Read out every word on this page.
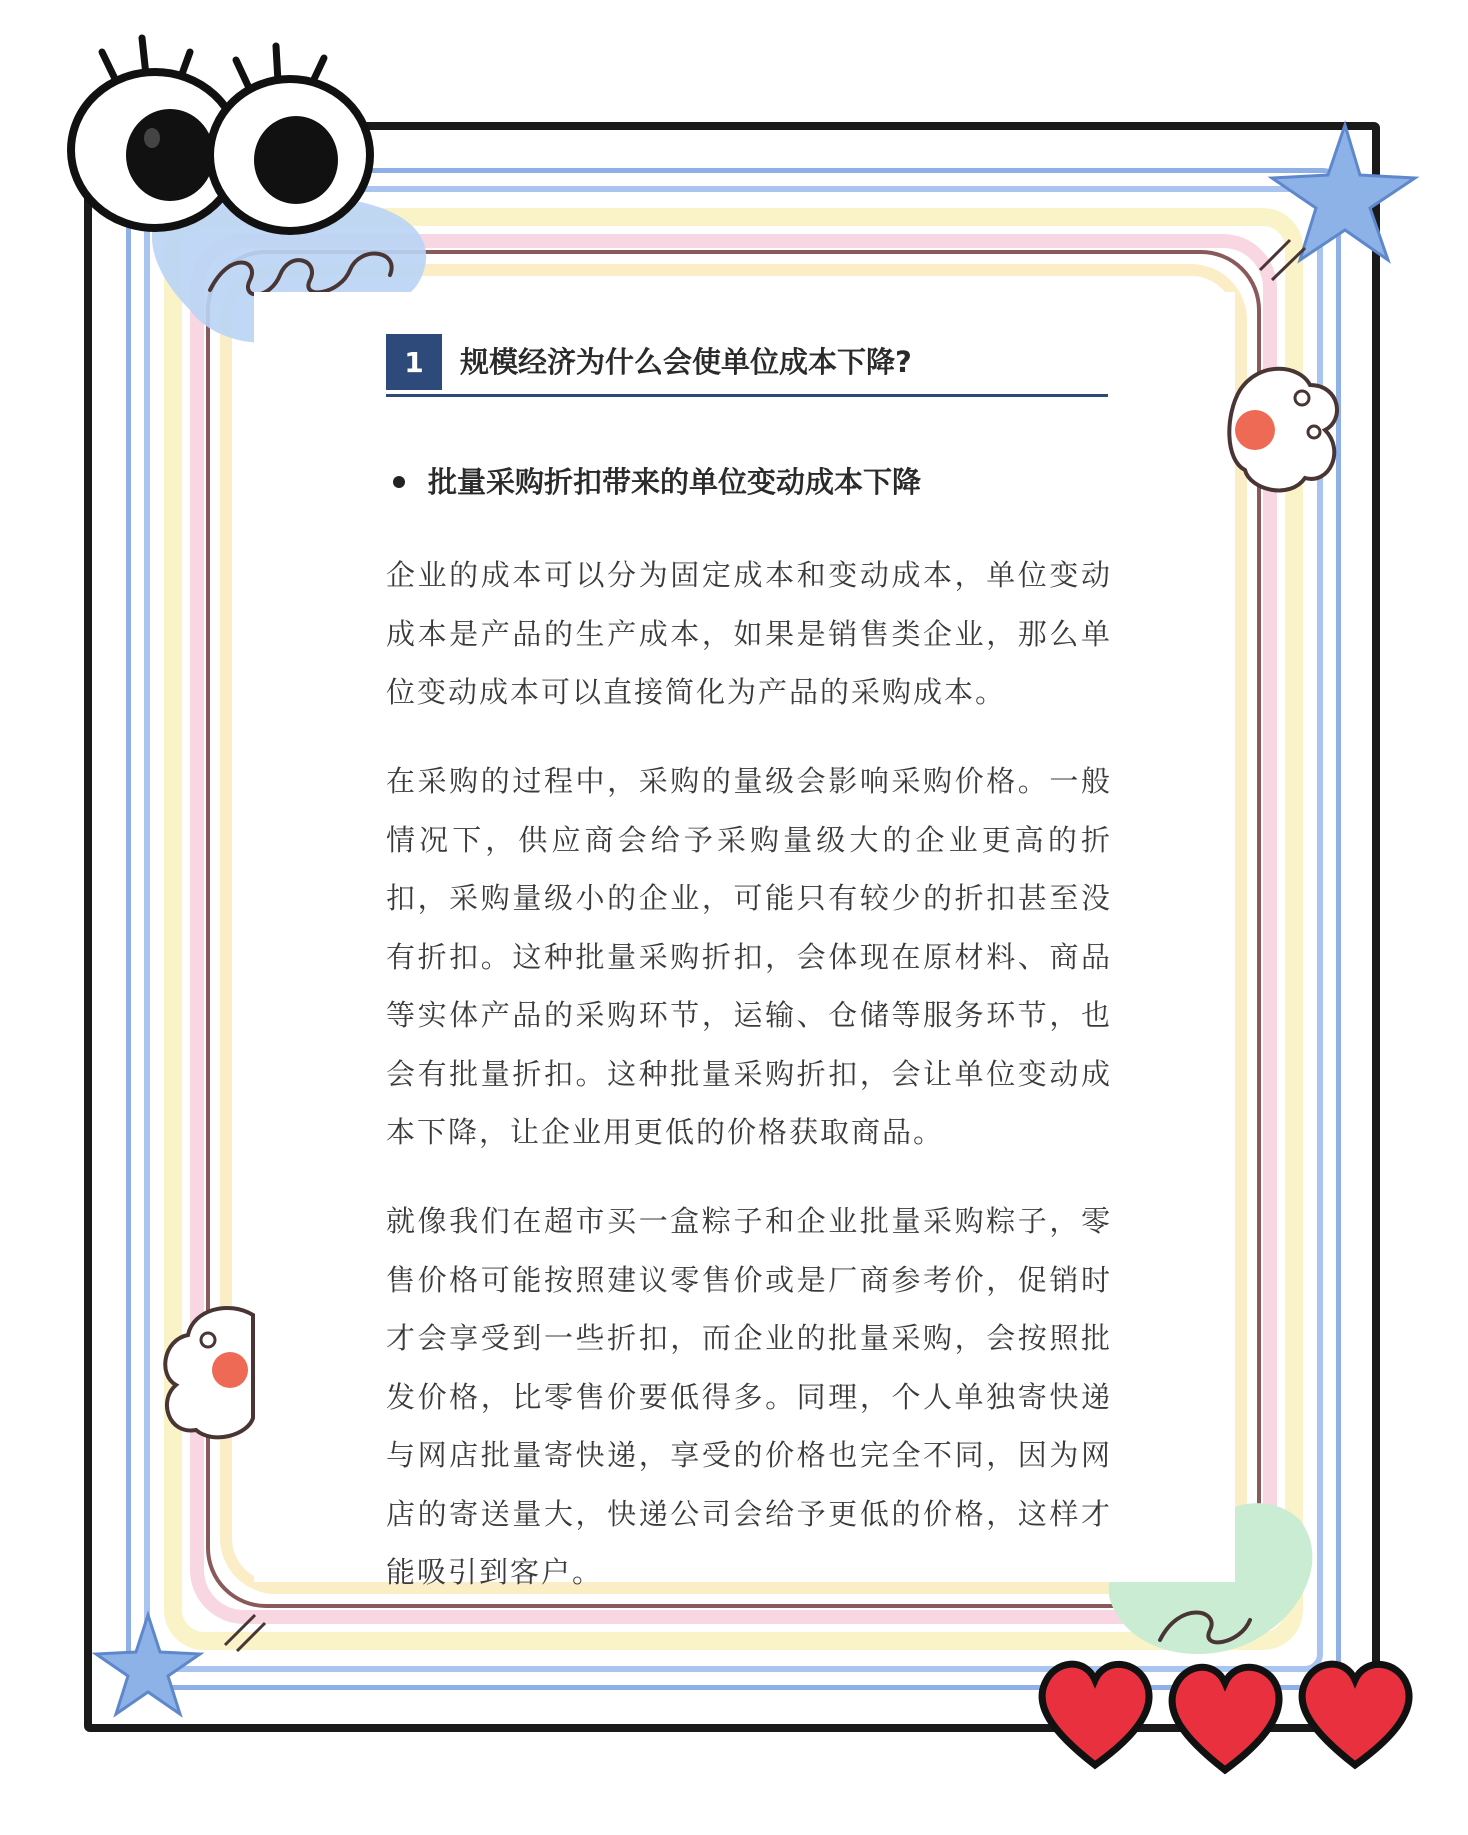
1	规模经济为什么会使单位成本下降?
批量采购折扣带来的单位变动成本下降
企业的成本可以分为固定成本和变动成本，单位变动成本是产品的生产成本，如果是销售类企业，那么单位变动成本可以直接简化为产品的采购成本。
在采购的过程中，采购的量级会影响采购价格。一般情况下，供应商会给予采购量级大的企业更高的折扣，采购量级小的企业，可能只有较少的折扣甚至没有折扣。这种批量采购折扣，会体现在原材料、商品等实体产品的采购环节，运输、仓储等服务环节，也会有批量折扣。这种批量采购折扣，会让单位变动成本下降，让企业用更低的价格获取商品。
就像我们在超市买一盒粽子和企业批量采购粽子，零售价格可能按照建议零售价或是厂商参考价，促销时才会享受到一些折扣，而企业的批量采购，会按照批发价格，比零售价要低得多。同理，个人单独寄快递与网店批量寄快递，享受的价格也完全不同，因为网店的寄送量大，快递公司会给予更低的价格，这样才能吸引到客户。
